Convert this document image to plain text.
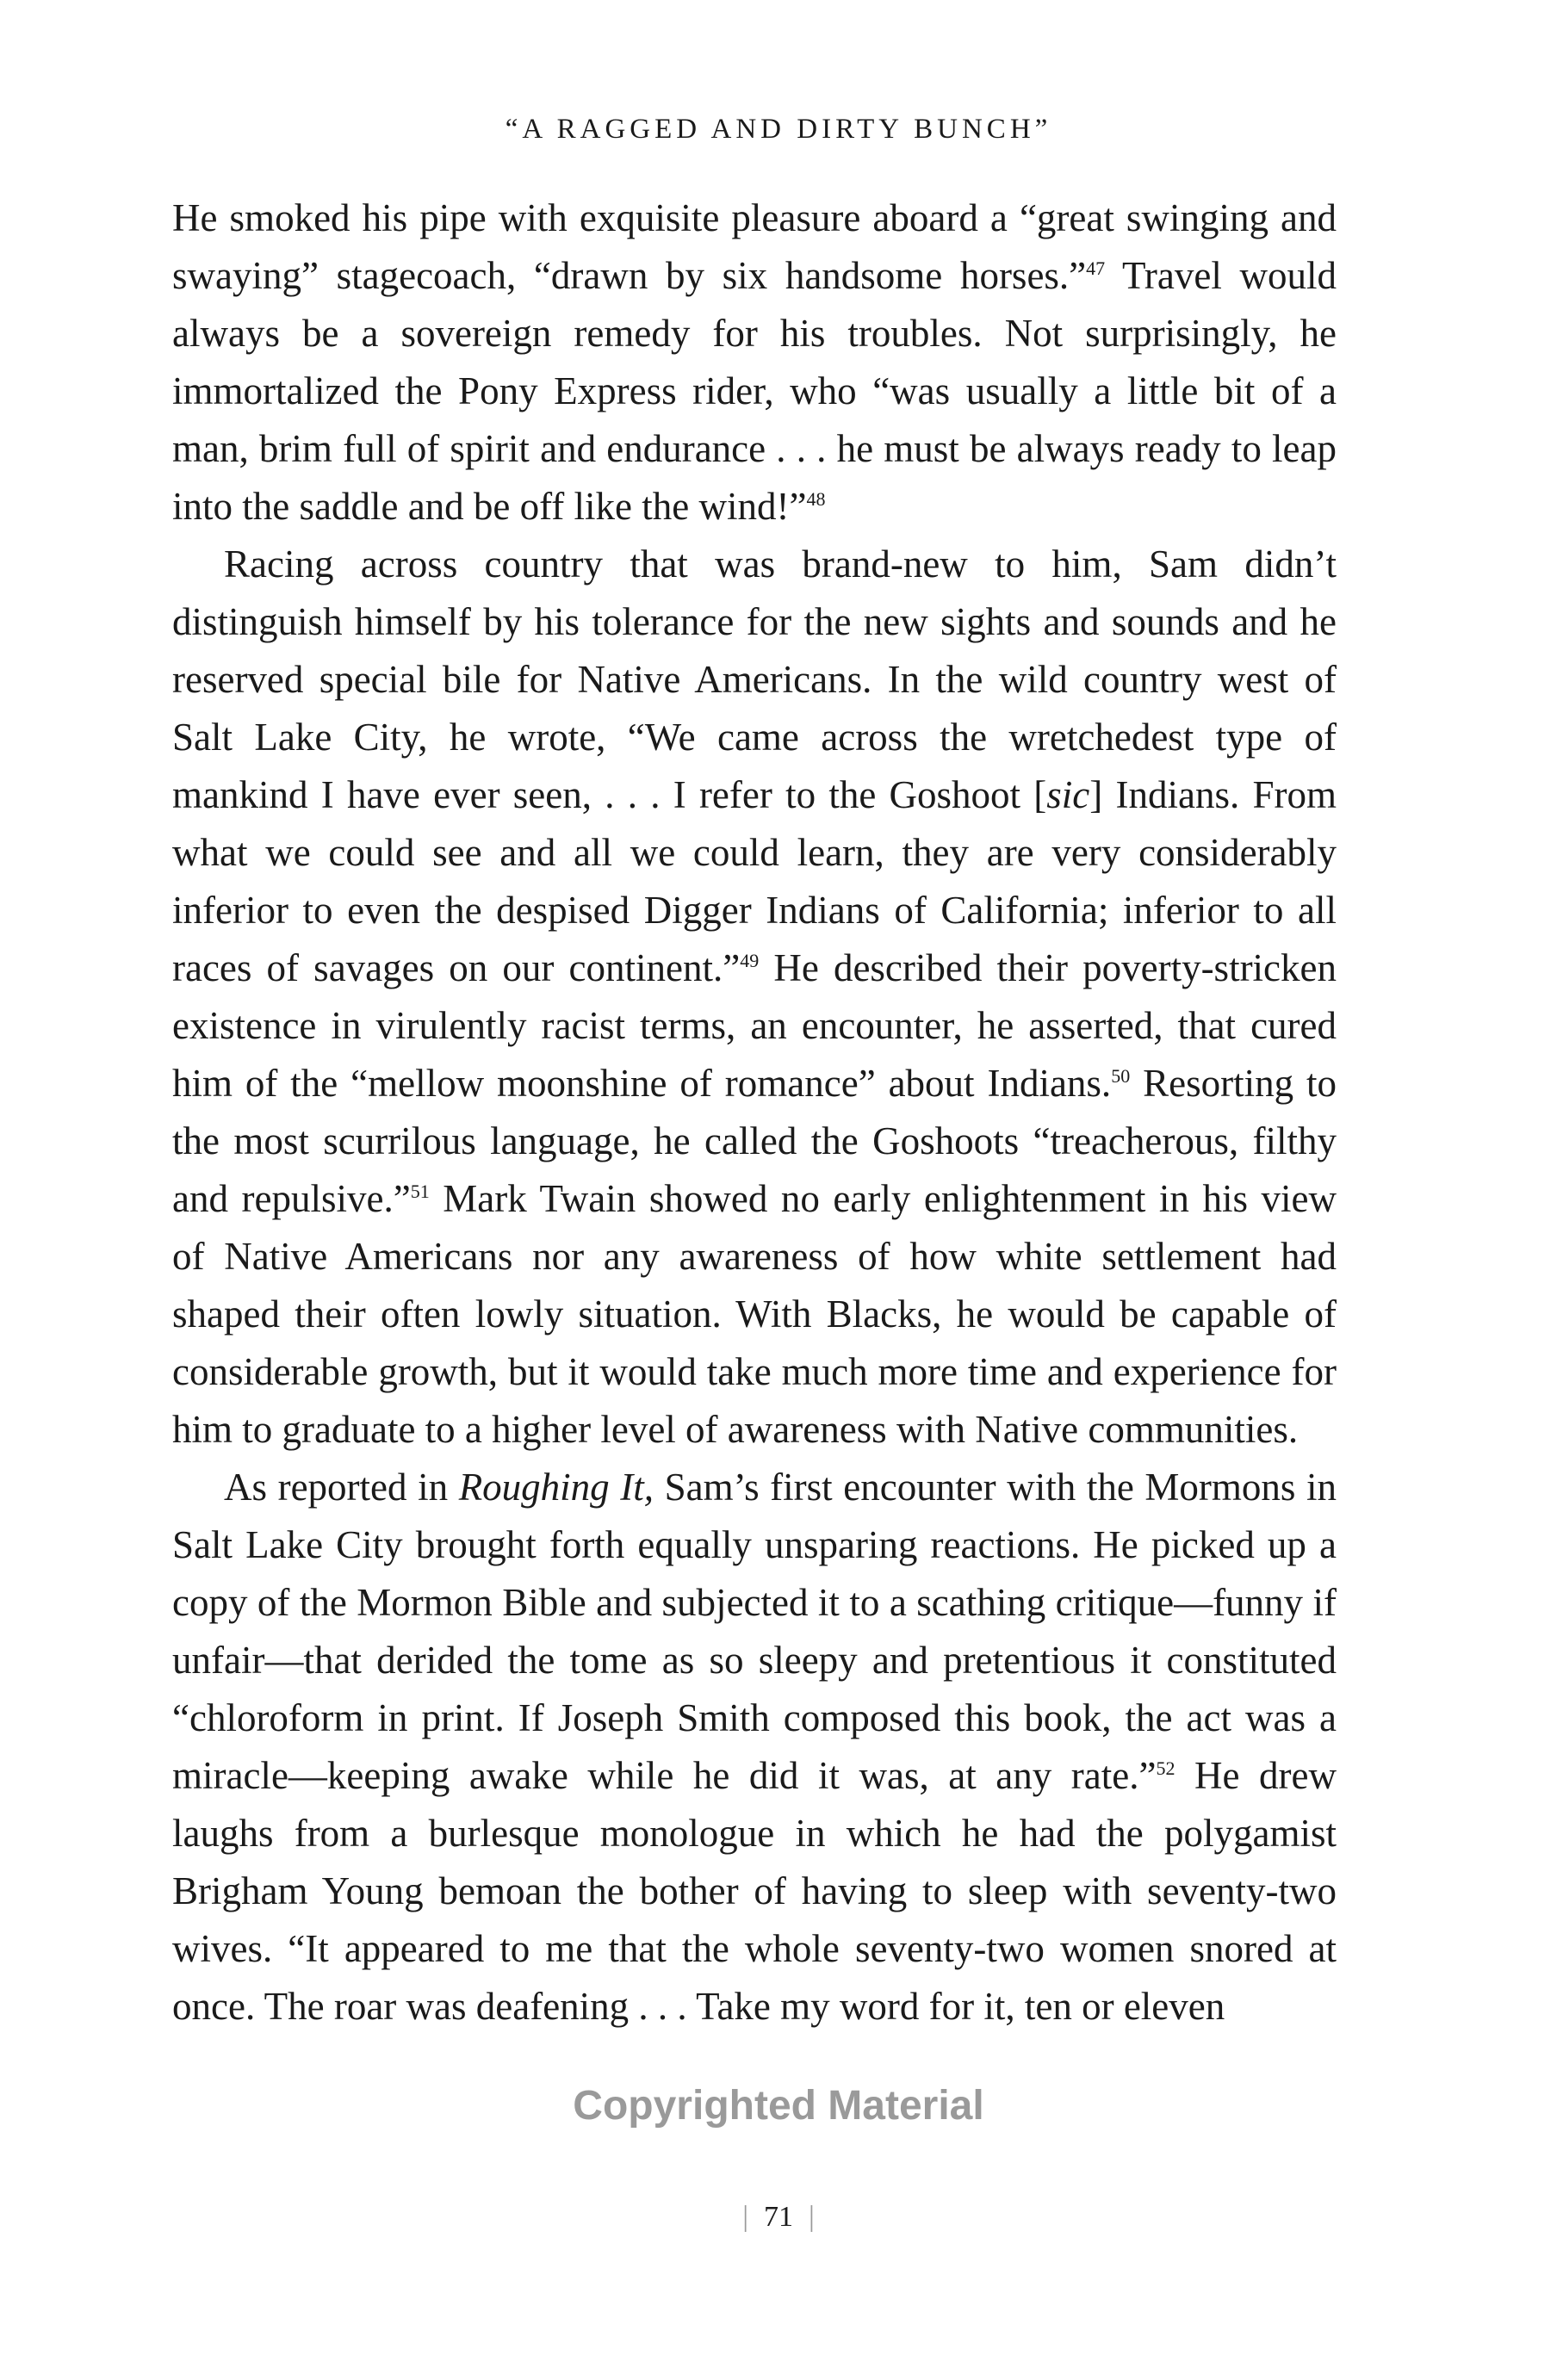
“A RAGGED AND DIRTY BUNCH”

He smoked his pipe with exquisite pleasure aboard a “great swinging and swaying” stagecoach, “drawn by six handsome horses.”$^{47}$ Travel would always be a sovereign remedy for his troubles. Not surprisingly, he immortalized the Pony Express rider, who “was usually a little bit of a man, brim full of spirit and endurance . . . he must be always ready to leap into the saddle and be off like the wind!”$^{48}$

Racing across country that was brand-new to him, Sam didn’t distinguish himself by his tolerance for the new sights and sounds and he reserved special bile for Native Americans. In the wild country west of Salt Lake City, he wrote, “We came across the wretchedest type of mankind I have ever seen, . . . I refer to the Goshoot [sic] Indians. From what we could see and all we could learn, they are very considerably inferior to even the despised Digger Indians of California; inferior to all races of savages on our continent.”$^{49}$ He described their poverty-stricken existence in virulently racist terms, an encounter, he asserted, that cured him of the “mellow moonshine of romance” about Indians.$^{50}$ Resorting to the most scurrilous language, he called the Goshoots “treacherous, filthy and repulsive.”$^{51}$ Mark Twain showed no early enlightenment in his view of Native Americans nor any awareness of how white settlement had shaped their often lowly situation. With Blacks, he would be capable of considerable growth, but it would take much more time and experience for him to graduate to a higher level of awareness with Native communities.

As reported in Roughing It, Sam’s first encounter with the Mormons in Salt Lake City brought forth equally unsparing reactions. He picked up a copy of the Mormon Bible and subjected it to a scathing critique—funny if unfair—that derided the tome as so sleepy and pretentious it constituted “chloroform in print. If Joseph Smith composed this book, the act was a miracle—keeping awake while he did it was, at any rate.”$^{52}$ He drew laughs from a burlesque monologue in which he had the polygamist Brigham Young bemoan the bother of having to sleep with seventy-two wives. “It appeared to me that the whole seventy-two women snored at once. The roar was deafening . . . Take my word for it, ten or eleven

Copyrighted Material
| 71 |
